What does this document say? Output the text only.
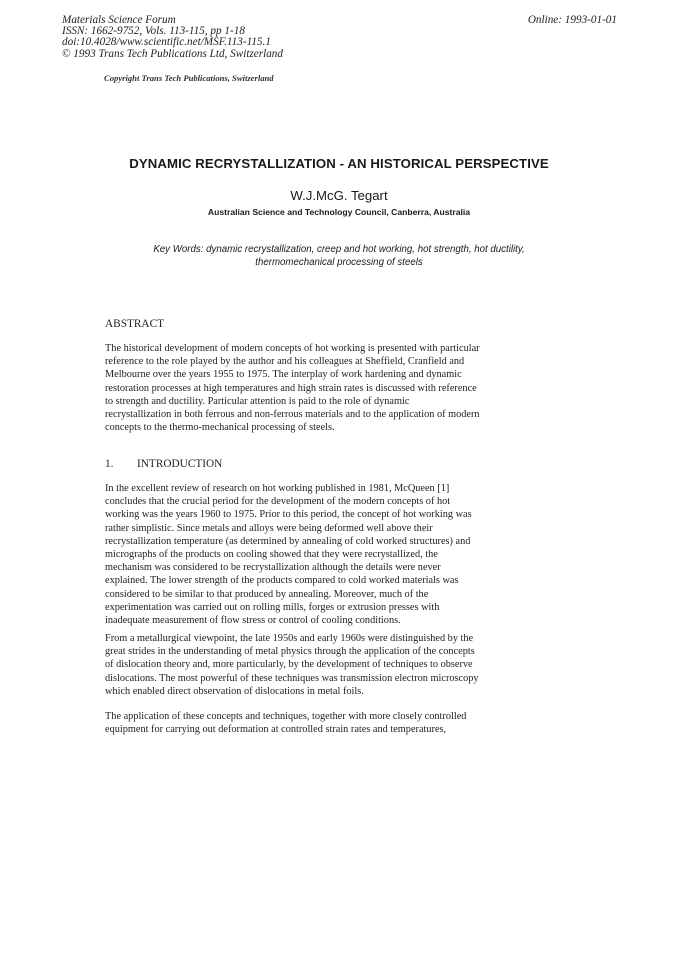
Materials Science Forum
ISSN: 1662-9752, Vols. 113-115, pp 1-18
doi:10.4028/www.scientific.net/MSF.113-115.1
© 1993 Trans Tech Publications Ltd, Switzerland
Online: 1993-01-01
Copyright Trans Tech Publications, Switzerland
DYNAMIC RECRYSTALLIZATION - AN HISTORICAL PERSPECTIVE
W.J.McG. Tegart
Australian Science and Technology Council, Canberra, Australia
Key Words: dynamic recrystallization, creep and hot working, hot strength, hot ductility,
thermomechanical processing of steels
ABSTRACT

The historical development of modern concepts of hot working is presented with particular
reference to the role played by the author and his colleagues at Sheffield, Cranfield and
Melbourne over the years 1955 to 1975. The interplay of work hardening and dynamic
restoration processes at high temperatures and high strain rates is discussed with reference
to strength and ductility. Particular attention is paid to the role of dynamic
recrystallization in both ferrous and non-ferrous materials and to the application of modern
concepts to the thermo-mechanical processing of steels.

1. INTRODUCTION

In the excellent review of research on hot working published in 1981, McQueen [1]
concludes that the crucial period for the development of the modern concepts of hot
working was the years 1960 to 1975. Prior to this period, the concept of hot working was
rather simplistic. Since metals and alloys were being deformed well above their
recrystallization temperature (as determined by annealing of cold worked structures) and
micrographs of the products on cooling showed that they were recrystallized, the
mechanism was considered to be recrystallization although the details were never
explained. The lower strength of the products compared to cold worked materials was
considered to be similar to that produced by annealing. Moreover, much of the
experimentation was carried out on rolling mills, forges or extrusion presses with
inadequate measurement of flow stress or control of cooling conditions.

From a metallurgical viewpoint, the late 1950s and early 1960s were distinguished by the
great strides in the understanding of metal physics through the application of the concepts
of dislocation theory and, more particularly, by the development of techniques to observe
dislocations. The most powerful of these techniques was transmission electron microscopy
which enabled direct observation of dislocations in metal foils.

The application of these concepts and techniques, together with more closely controlled
equipment for carrying out deformation at controlled strain rates and temperatures,
